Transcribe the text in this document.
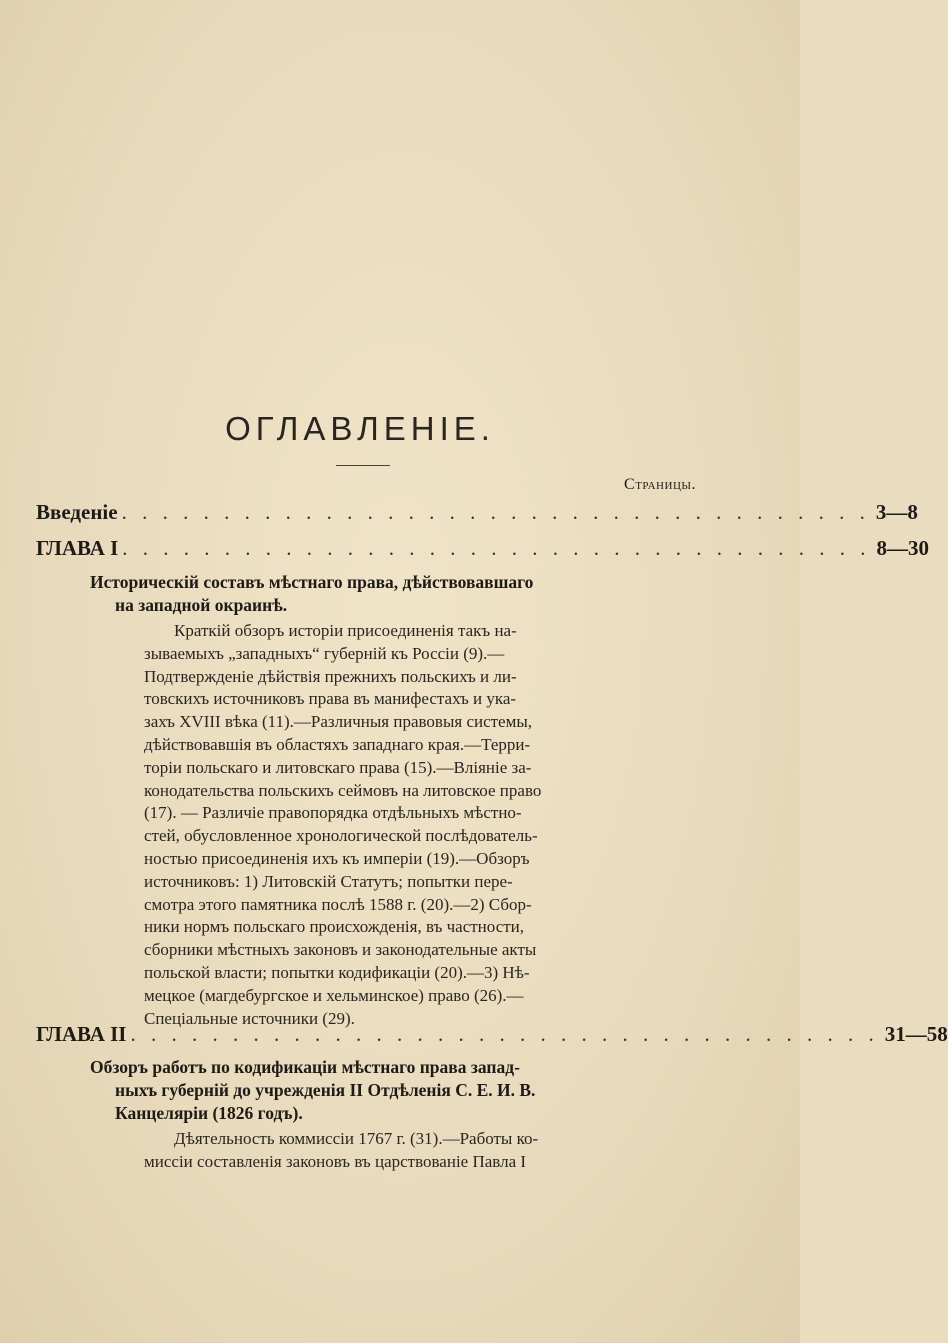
ОГЛАВЛЕНІЕ.
Страницы.
Введеніе . . . . . . . . . . . . . . . . . . . . . . . . . . . . . . . . . . . . . 3—8
ГЛАВА I . . . . . . . . . . . . . . . . . . . . . . . . . . . . . . . . . . . . . 8—30
Историческій составъ мѣстнаго права, дѣйствовавшаго
на западной окраинѣ.
Краткій обзоръ исторіи присоединенія такъ на-
зываемыхъ „западныхъ“ губерній къ Россіи (9).—
Подтвержденіе дѣйствія прежнихъ польскихъ и ли-
товскихъ источниковъ права въ манифестахъ и ука-
захъ XVIII вѣка (11).—Различныя правовыя системы,
дѣйствовавшія въ областяхъ западнаго края.—Терри-
торіи польскаго и литовскаго права (15).—Вліяніе за-
конодательства польскихъ сеймовъ на литовское право
(17). — Различіе правопорядка отдѣльныхъ мѣстно-
стей, обусловленное хронологической послѣдователь-
ностью присоединенія ихъ къ имперіи (19).—Обзоръ
источниковъ: 1) Литовскій Статутъ; попытки пере-
смотра этого памятника послѣ 1588 г. (20).—2) Сбор-
ники нормъ польскаго происхожденія, въ частности,
сборники мѣстныхъ законовъ и законодательные акты
польской власти; попытки кодификаціи (20).—3) Нѣ-
мецкое (магдебургское и хельминское) право (26).—
Спеціальные источники (29).
ГЛАВА II . . . . . . . . . . . . . . . . . . . . . . . . . . . . . . . . . . . . . 31—58
Обзоръ работъ по кодификаціи мѣстнаго права запад-
ныхъ губерній до учрежденія II Отдѣленія С. Е. И. В.
Канцеляріи (1826 годъ).
Дѣятельность коммиссіи 1767 г. (31).—Работы ко-
миссіи составленія законовъ въ царствованіе Павла I
